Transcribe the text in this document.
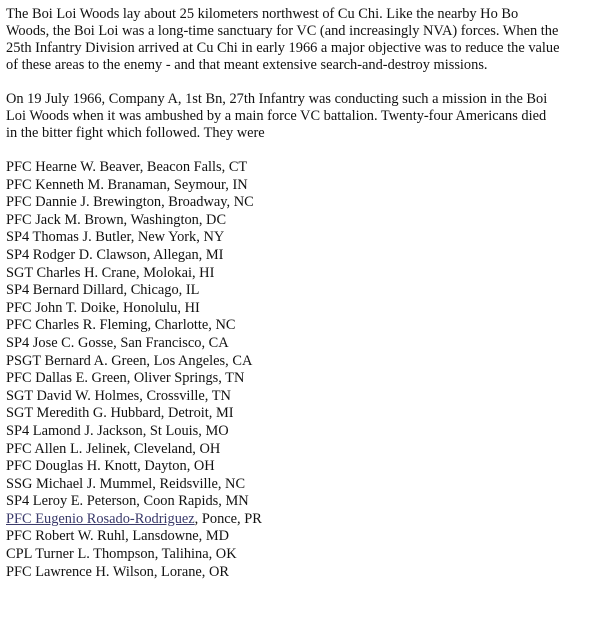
The Boi Loi Woods lay about 25 kilometers northwest of Cu Chi. Like the nearby Ho Bo
Woods, the Boi Loi was a long-time sanctuary for VC (and increasingly NVA) forces. When the
25th Infantry Division arrived at Cu Chi in early 1966 a major objective was to reduce the value
of these areas to the enemy - and that meant extensive search-and-destroy missions.

On 19 July 1966, Company A, 1st Bn, 27th Infantry was conducting such a mission in the Boi
Loi Woods when it was ambushed by a main force VC battalion. Twenty-four Americans died
in the bitter fight which followed. They were

PFC Hearne W. Beaver, Beacon Falls, CT
PFC Kenneth M. Branaman, Seymour, IN
PFC Dannie J. Brewington, Broadway, NC
PFC Jack M. Brown, Washington, DC
SP4 Thomas J. Butler, New York, NY
SP4 Rodger D. Clawson, Allegan, MI
SGT Charles H. Crane, Molokai, HI
SP4 Bernard Dillard, Chicago, IL
PFC John T. Doike, Honolulu, HI
PFC Charles R. Fleming, Charlotte, NC
SP4 Jose C. Gosse, San Francisco, CA
PSGT Bernard A. Green, Los Angeles, CA
PFC Dallas E. Green, Oliver Springs, TN
SGT David W. Holmes, Crossville, TN
SGT Meredith G. Hubbard, Detroit, MI
SP4 Lamond J. Jackson, St Louis, MO
PFC Allen L. Jelinek, Cleveland, OH
PFC Douglas H. Knott, Dayton, OH
SSG Michael J. Mummel, Reidsville, NC
SP4 Leroy E. Peterson, Coon Rapids, MN
PFC Eugenio Rosado-Rodriguez, Ponce, PR
PFC Robert W. Ruhl, Lansdowne, MD
CPL Turner L. Thompson, Talihina, OK
PFC Lawrence H. Wilson, Lorane, OR
